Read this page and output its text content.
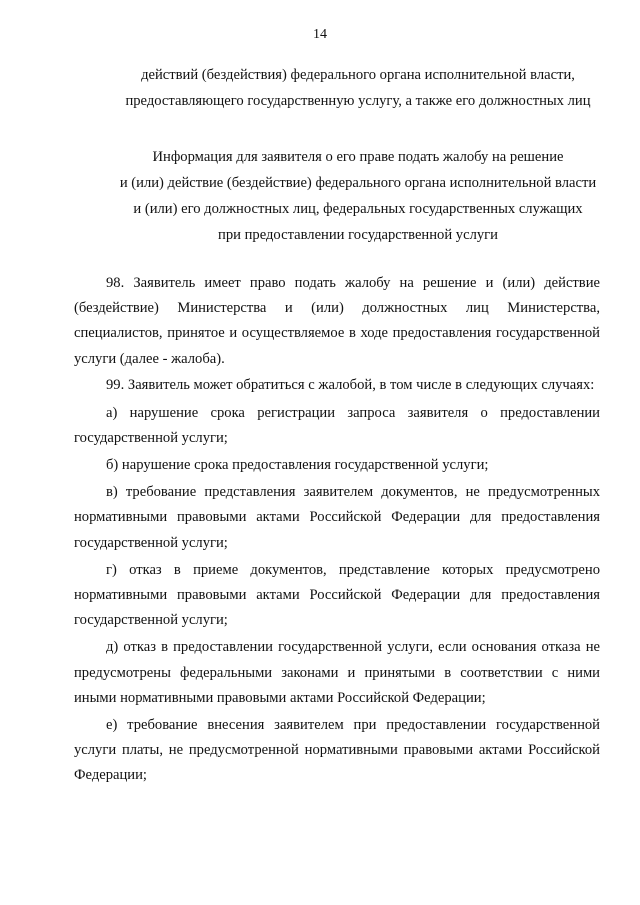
14
действий (бездействия) федерального органа исполнительной власти,
предоставляющего государственную услугу, а также его должностных лиц
Информация для заявителя о его праве подать жалобу на решение
и (или) действие (бездействие) федерального органа исполнительной власти
и (или) его должностных лиц, федеральных государственных служащих
при предоставлении государственной услуги

98. Заявитель имеет право подать жалобу на решение и (или) действие (бездействие) Министерства и (или) должностных лиц Министерства, специалистов, принятое и осуществляемое в ходе предоставления государственной услуги (далее - жалоба).

99. Заявитель может обратиться с жалобой, в том числе в следующих случаях:

а) нарушение срока регистрации запроса заявителя о предоставлении государственной услуги;

б) нарушение срока предоставления государственной услуги;

в) требование представления заявителем документов, не предусмотренных нормативными правовыми актами Российской Федерации для предоставления государственной услуги;

г) отказ в приеме документов, представление которых предусмотрено нормативными правовыми актами Российской Федерации для предоставления государственной услуги;

д) отказ в предоставлении государственной услуги, если основания отказа не предусмотрены федеральными законами и принятыми в соответствии с ними иными нормативными правовыми актами Российской Федерации;

е) требование внесения заявителем при предоставлении государственной услуги платы, не предусмотренной нормативными правовыми актами Российской Федерации;
